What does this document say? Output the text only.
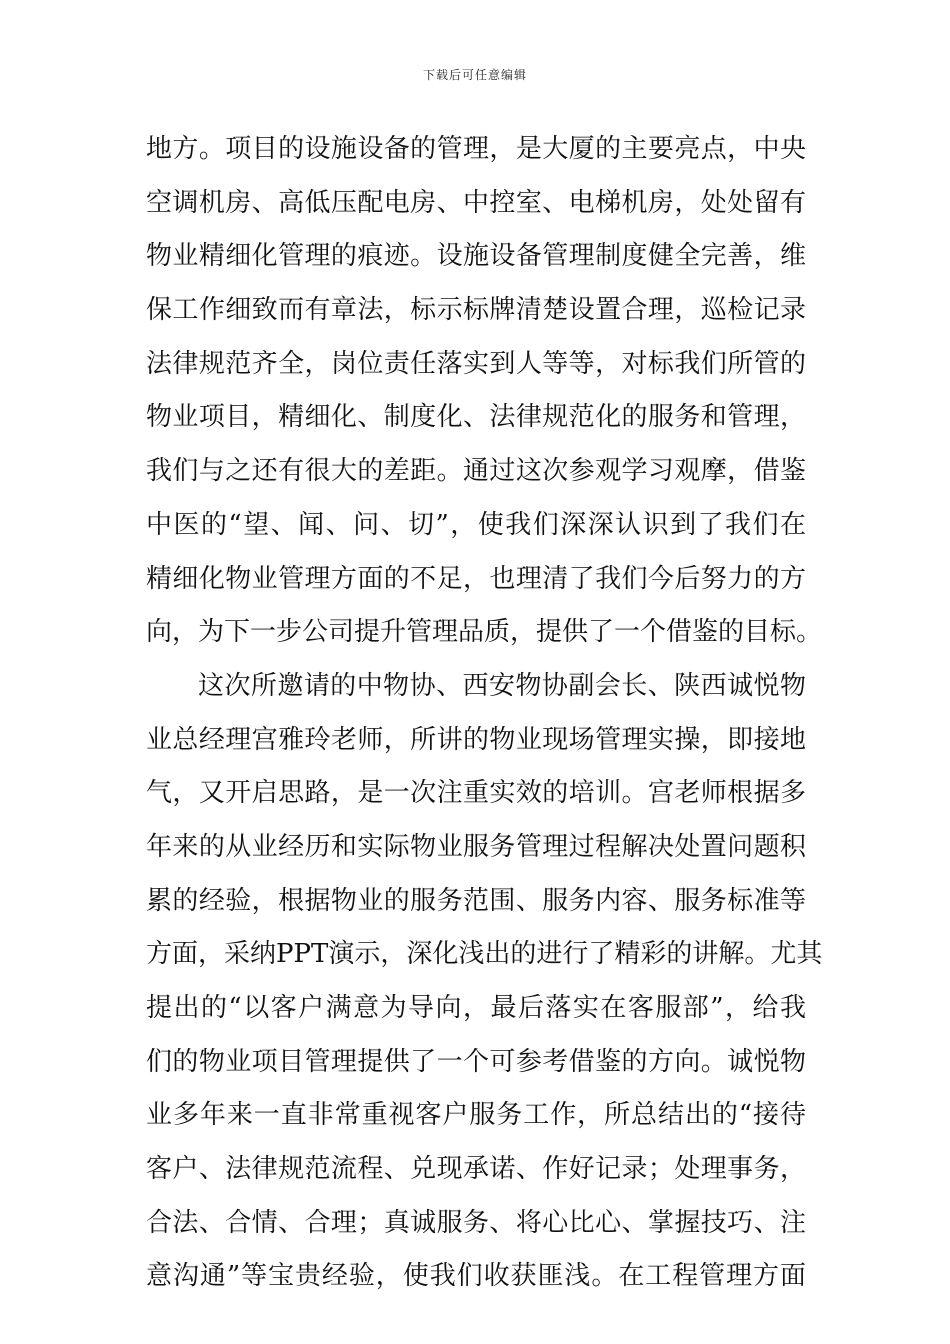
下载后可任意编辑
地方。项目的设施设备的管理，是大厦的主要亮点，中央
空调机房、高低压配电房、中控室、电梯机房，处处留有
物业精细化管理的痕迹。设施设备管理制度健全完善，维
保工作细致而有章法，标示标牌清楚设置合理，巡检记录
法律规范齐全，岗位责任落实到人等等，对标我们所管的
物业项目，精细化、制度化、法律规范化的服务和管理，
我们与之还有很大的差距。通过这次参观学习观摩，借鉴
中医的“望、闻、问、切”，使我们深深认识到了我们在
精细化物业管理方面的不足，也理清了我们今后努力的方
向，为下一步公司提升管理品质，提供了一个借鉴的目标。
这次所邀请的中物协、西安物协副会长、陕西诚悦物
业总经理宫雅玲老师，所讲的物业现场管理实操，即接地
气，又开启思路，是一次注重实效的培训。宫老师根据多
年来的从业经历和实际物业服务管理过程解决处置问题积
累的经验，根据物业的服务范围、服务内容、服务标准等
方面，采纳PPT演示，深化浅出的进行了精彩的讲解。尤其
提出的“以客户满意为导向，最后落实在客服部”，给我
们的物业项目管理提供了一个可参考借鉴的方向。诚悦物
业多年来一直非常重视客户服务工作，所总结出的“接待
客户、法律规范流程、兑现承诺、作好记录；处理事务，
合法、合情、合理；真诚服务、将心比心、掌握技巧、注
意沟通”等宝贵经验，使我们收获匪浅。在工程管理方面
